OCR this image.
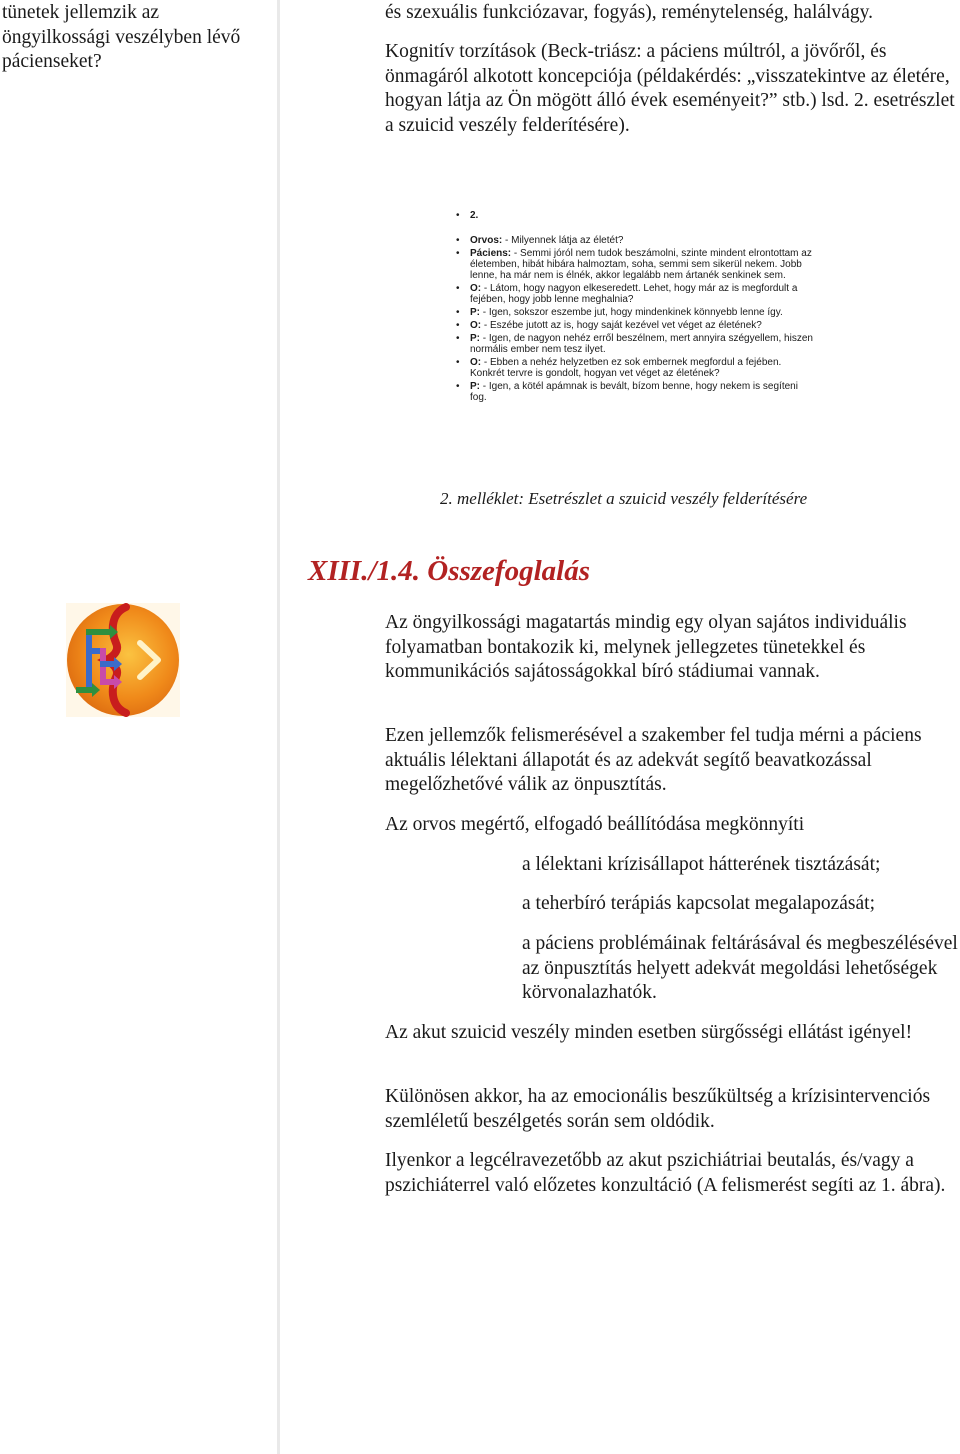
tünetek jellemzik az öngyilkossági veszélyben lévő pácienseket?
és szexuális funkciózavar, fogyás), reménytelenség, halálvágy.
Kognitív torzítások (Beck-triász: a páciens múltról, a jövőről, és önmagáról alkotott koncepciója (példakérdés: „visszatekintve az életére, hogyan látja az Ön mögött álló évek eseményeit?” stb.) lsd. 2. esetrészlet a szuicid veszély felderítésére).
• 2.
• Orvos: - Milyennek látja az életét?
• Páciens: - Semmi jóról nem tudok beszámolni, szinte mindent elrontottam az életemben, hibát hibára halmoztam, soha, semmi sem sikerül nekem. Jobb lenne, ha már nem is élnék, akkor legalább nem ártanék senkinek sem.
• O: - Látom, hogy nagyon elkeseredett. Lehet, hogy már az is megfordult a fejében, hogy jobb lenne meghalnia?
• P: - Igen, sokszor eszembe jut, hogy mindenkinek könnyebb lenne így.
• O: - Eszébe jutott az is, hogy saját kezével vet véget az életének?
• P: - Igen, de nagyon nehéz erről beszélnem, mert annyira szégyellem, hiszen normális ember nem tesz ilyet.
• O: - Ebben a nehéz helyzetben ez sok embernek megfordul a fejében. Konkrét tervre is gondolt, hogyan vet véget az életének?
• P: - Igen, a kötél apámnak is bevált, bízom benne, hogy nekem is segíteni fog.
2. melléklet: Esetrészlet a szuicid veszély felderítésére
XIII./1.4. Összefoglalás
Az öngyilkossági magatartás mindig egy olyan sajátos individuális folyamatban bontakozik ki, melynek jellegzetes tünetekkel és kommunikációs sajátosságokkal bíró stádiumai vannak.
Ezen jellemzők felismerésével a szakember fel tudja mérni a páciens aktuális lélektani állapotát és az adekvát segítő beavatkozással megelőzhetővé válik az önpusztítás.
Az orvos megértő, elfogadó beállítódása megkönnyíti
a lélektani krízisállapot hátterének tisztázását;
a teherbíró terápiás kapcsolat megalapozását;
a páciens problémáinak feltárásával és megbeszélésével az önpusztítás helyett adekvát megoldási lehetőségek körvonalazhatók.
Az akut szuicid veszély minden esetben sürgősségi ellátást igényel!
Különösen akkor, ha az emocionális beszűkültség a krízisintervenciós szemléletű beszélgetés során sem oldódik.
Ilyenkor a legcélravezetőbb az akut pszichiátriai beutalás, és/vagy a pszichiáterrel való előzetes konzultáció (A felismerést segíti az 1. ábra).
